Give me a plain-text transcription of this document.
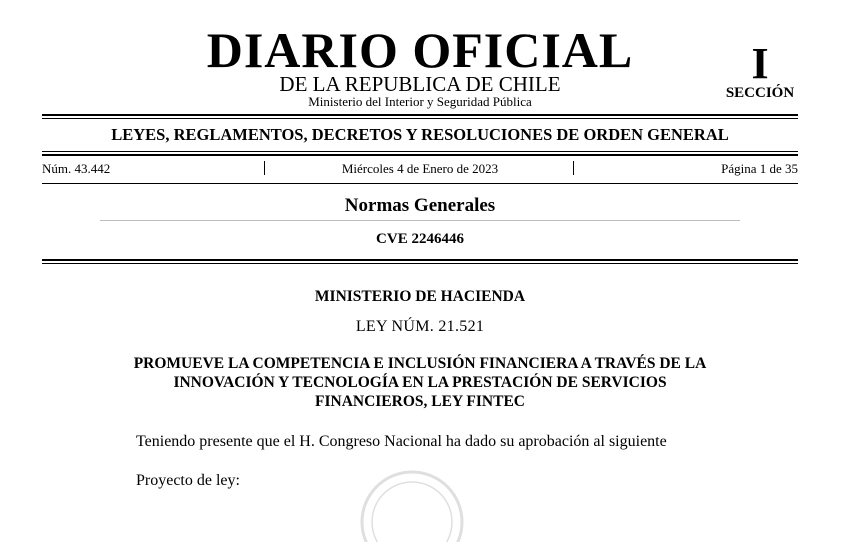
DIARIO OFICIAL
DE LA REPUBLICA DE CHILE
Ministerio del Interior y Seguridad Pública
I
SECCIÓN
LEYES, REGLAMENTOS, DECRETOS Y RESOLUCIONES DE ORDEN GENERAL
Núm. 43.442	Miércoles 4 de Enero de 2023	Página 1 de 35
Normas Generales
CVE 2246446
MINISTERIO DE HACIENDA
LEY NÚM. 21.521
PROMUEVE LA COMPETENCIA E INCLUSIÓN FINANCIERA A TRAVÉS DE LA
INNOVACIÓN Y TECNOLOGÍA EN LA PRESTACIÓN DE SERVICIOS
FINANCIEROS, LEY FINTEC
Teniendo presente que el H. Congreso Nacional ha dado su aprobación al siguiente
Proyecto de ley:
